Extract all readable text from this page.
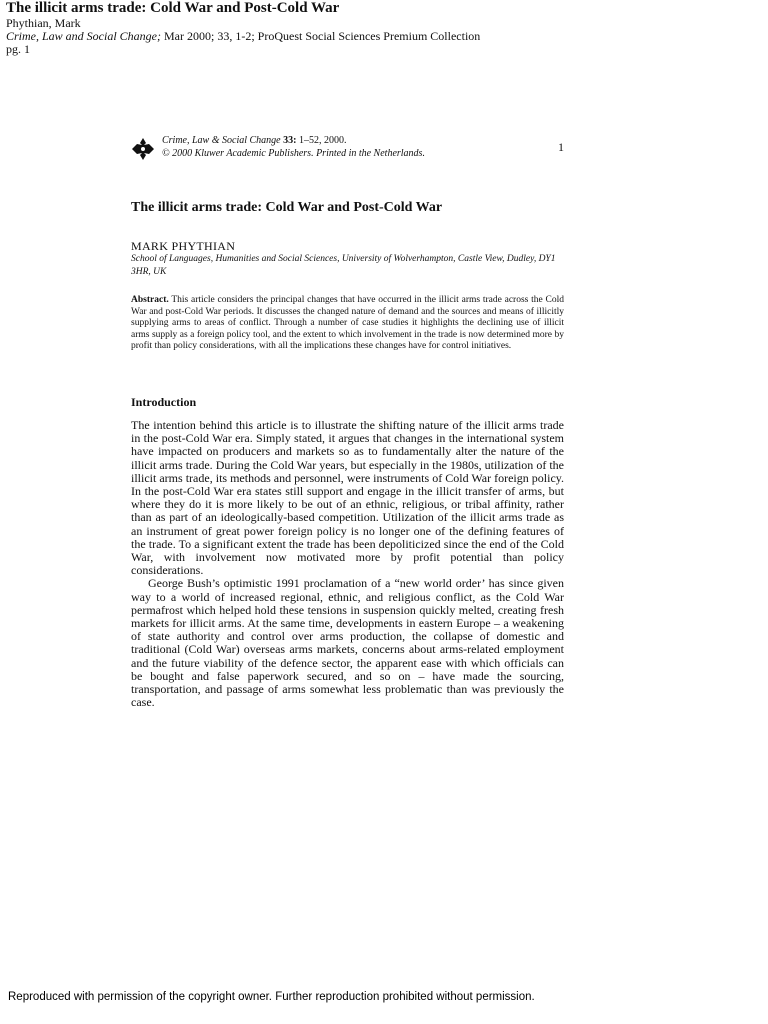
The illicit arms trade: Cold War and Post-Cold War
Phythian, Mark
Crime, Law and Social Change; Mar 2000; 33, 1-2; ProQuest Social Sciences Premium Collection
pg. 1
Crime, Law & Social Change 33: 1–52, 2000.
© 2000 Kluwer Academic Publishers. Printed in the Netherlands.	1
The illicit arms trade: Cold War and Post-Cold War
MARK PHYTHIAN
School of Languages, Humanities and Social Sciences, University of Wolverhampton, Castle View, Dudley, DY1 3HR, UK
Abstract. This article considers the principal changes that have occurred in the illicit arms trade across the Cold War and post-Cold War periods. It discusses the changed nature of demand and the sources and means of illicitly supplying arms to areas of conflict. Through a number of case studies it highlights the declining use of illicit arms supply as a foreign policy tool, and the extent to which involvement in the trade is now determined more by profit than policy considerations, with all the implications these changes have for control initiatives.
Introduction

The intention behind this article is to illustrate the shifting nature of the illicit arms trade in the post-Cold War era. Simply stated, it argues that changes in the international system have impacted on producers and markets so as to fundamentally alter the nature of the illicit arms trade. During the Cold War years, but especially in the 1980s, utilization of the illicit arms trade, its methods and personnel, were instruments of Cold War foreign policy. In the post-Cold War era states still support and engage in the illicit transfer of arms, but where they do it is more likely to be out of an ethnic, religious, or tribal affinity, rather than as part of an ideologically-based competition. Utilization of the illicit arms trade as an instrument of great power foreign policy is no longer one of the defining features of the trade. To a significant extent the trade has been depoliticized since the end of the Cold War, with involvement now motivated more by profit potential than policy considerations.

George Bush’s optimistic 1991 proclamation of a “new world order’ has since given way to a world of increased regional, ethnic, and religious conflict, as the Cold War permafrost which helped hold these tensions in suspension quickly melted, creating fresh markets for illicit arms. At the same time, developments in eastern Europe – a weakening of state authority and control over arms production, the collapse of domestic and traditional (Cold War) overseas arms markets, concerns about arms-related employment and the future viability of the defence sector, the apparent ease with which officials can be bought and false paperwork secured, and so on – have made the sourcing, transportation, and passage of arms somewhat less problematic than was previously the case.

Reproduced with permission of the copyright owner. Further reproduction prohibited without permission.
